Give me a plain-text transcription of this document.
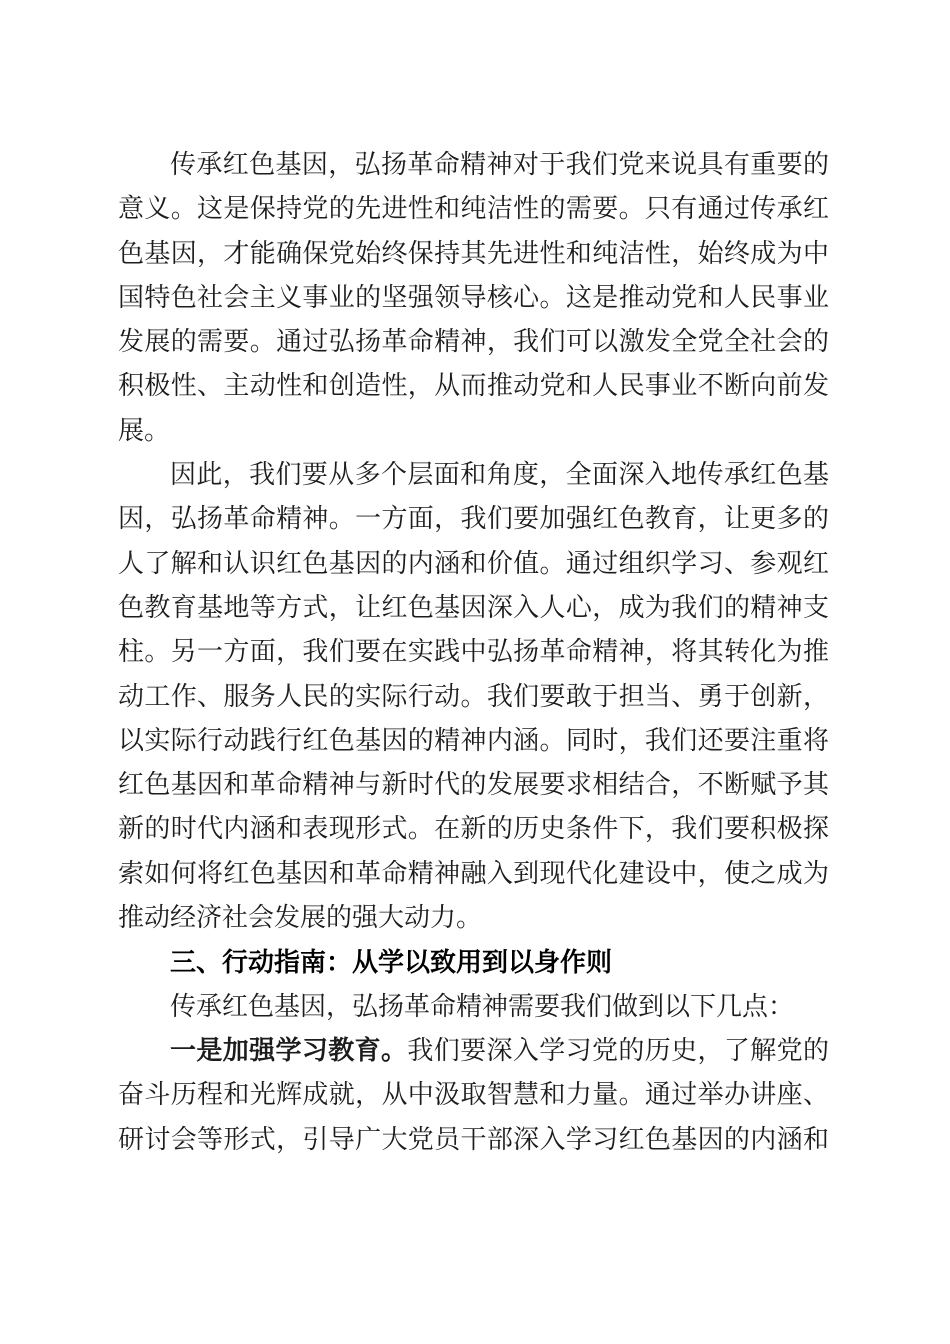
传承红色基因，弘扬革命精神对于我们党来说具有重要的
意义。这是保持党的先进性和纯洁性的需要。只有通过传承红
色基因，才能确保党始终保持其先进性和纯洁性，始终成为中
国特色社会主义事业的坚强领导核心。这是推动党和人民事业
发展的需要。通过弘扬革命精神，我们可以激发全党全社会的
积极性、主动性和创造性，从而推动党和人民事业不断向前发
展。
因此，我们要从多个层面和角度，全面深入地传承红色基
因，弘扬革命精神。一方面，我们要加强红色教育，让更多的
人了解和认识红色基因的内涵和价值。通过组织学习、参观红
色教育基地等方式，让红色基因深入人心，成为我们的精神支
柱。另一方面，我们要在实践中弘扬革命精神，将其转化为推
动工作、服务人民的实际行动。我们要敢于担当、勇于创新，
以实际行动践行红色基因的精神内涵。同时，我们还要注重将
红色基因和革命精神与新时代的发展要求相结合，不断赋予其
新的时代内涵和表现形式。在新的历史条件下，我们要积极探
索如何将红色基因和革命精神融入到现代化建设中，使之成为
推动经济社会发展的强大动力。
三、行动指南：从学以致用到以身作则
传承红色基因，弘扬革命精神需要我们做到以下几点：
一是加强学习教育。我们要深入学习党的历史，了解党的
奋斗历程和光辉成就，从中汲取智慧和力量。通过举办讲座、
研讨会等形式，引导广大党员干部深入学习红色基因的内涵和
